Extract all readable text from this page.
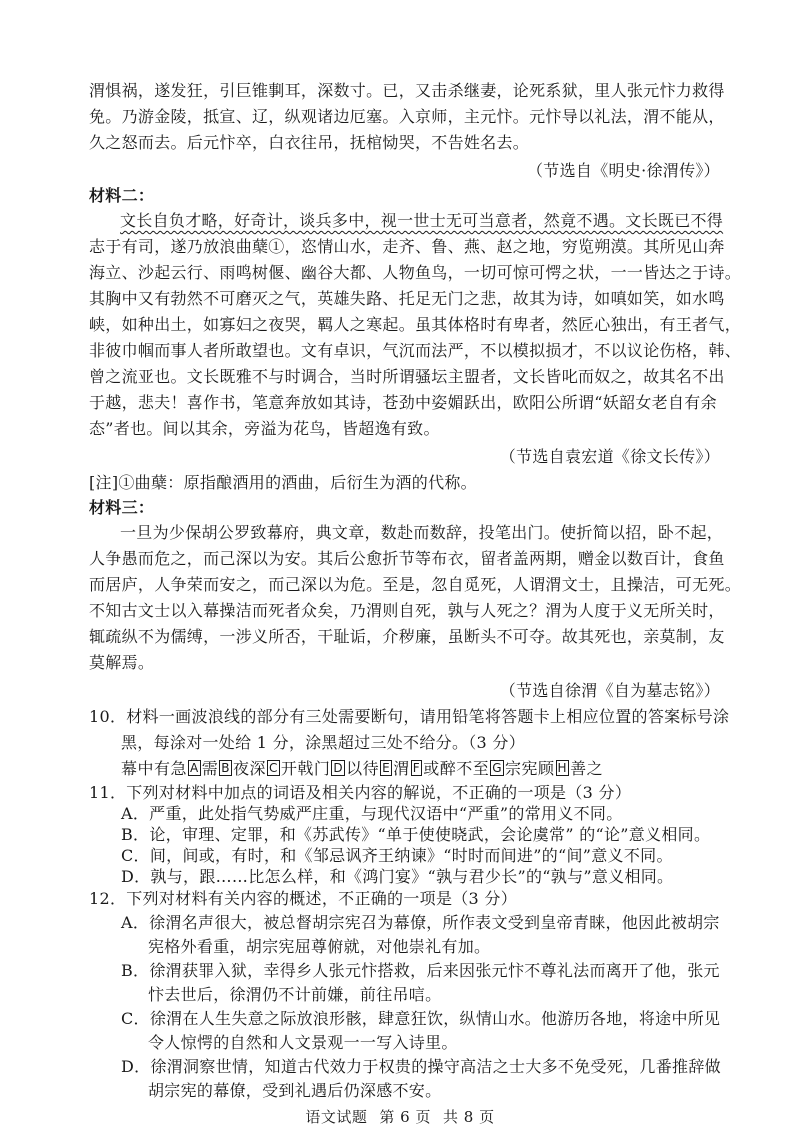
渭惧祸，遂发狂，引巨锥剚耳，深数寸。已，又击杀继妻，论死系狱，里人张元忭力救得
免。乃游金陵，抵宣、辽，纵观诸边厄塞。入京师，主元忭。元忭导以礼法，渭不能从，
久之怒而去。后元忭卒，白衣往吊，抚棺恸哭，不告姓名去。
（节选自《明史·徐渭传》）
材料二：
文长自负才略，好奇计，谈兵多中，视一世士无可当意者，然竟不遇。文长既已不得
志于有司，遂乃放浪曲蘖①，恣情山水，走齐、鲁、燕、赵之地，穷览朔漠。其所见山奔
海立、沙起云行、雨鸣树偃、幽谷大都、人物鱼鸟，一切可惊可愕之状，一一皆达之于诗。
其胸中又有勃然不可磨灭之气，英雄失路、托足无门之悲，故其为诗，如嗔如笑，如水鸣
峡，如种出土，如寡妇之夜哭，羁人之寒起。虽其体格时有卑者，然匠心独出，有王者气，
非彼巾帼而事人者所敢望也。文有卓识，气沉而法严，不以模拟损才，不以议论伤格，韩、
曾之流亚也。文长既雅不与时调合，当时所谓骚坛主盟者，文长皆叱而奴之，故其名不出
于越，悲夫！喜作书，笔意奔放如其诗，苍劲中姿媚跃出，欧阳公所谓“妖韶女老自有余
态”者也。间以其余，旁溢为花鸟，皆超逸有致。
（节选自袁宏道《徐文长传》）
[注]①曲蘖：原指酿酒用的酒曲，后衍生为酒的代称。
材料三：
一旦为少保胡公罗致幕府，典文章，数赴而数辞，投笔出门。使折简以招，卧不起，
人争愚而危之，而己深以为安。其后公愈折节等布衣，留者盖两期，赠金以数百计，食鱼
而居庐，人争荣而安之，而己深以为危。至是，忽自觅死，人谓渭文士，且操洁，可无死。
不知古文士以入幕操洁而死者众矣，乃渭则自死，孰与人死之？渭为人度于义无所关时，
辄疏纵不为儒缚，一涉义所否，干耻诟，介秽廉，虽断头不可夺。故其死也，亲莫制，友
莫解焉。
（节选自徐渭《自为墓志铭》）
10．材料一画波浪线的部分有三处需要断句，请用铅笔将答题卡上相应位置的答案标号涂
黑，每涂对一处给 1 分，涂黑超过三处不给分。（3 分）
幕中有急 A 需 B 夜深 C 开戟门 D 以待 E 渭 F 或醉不至 G 宗宪顾 H 善之
11．下列对材料中加点的词语及相关内容的解说，不正确的一项是（3 分）
A．严重，此处指气势威严庄重，与现代汉语中“严重”的常用义不同。
B．论，审理、定罪，和《苏武传》“单于使使晓武，会论虞常” 的“论”意义相同。
C．间，间或，有时，和《邹忌讽齐王纳谏》“时时而间进”的“间”意义不同。
D．孰与，跟……比怎么样，和《鸿门宴》“孰与君少长”的“孰与”意义相同。
12．下列对材料有关内容的概述，不正确的一项是（3 分）
A．徐渭名声很大，被总督胡宗宪召为幕僚，所作表文受到皇帝青睐，他因此被胡宗
宪格外看重，胡宗宪屈尊俯就，对他崇礼有加。
B．徐渭获罪入狱，幸得乡人张元忭搭救，后来因张元忭不尊礼法而离开了他，张元
忭去世后，徐渭仍不计前嫌，前往吊唁。
C．徐渭在人生失意之际放浪形骸，肆意狂饮，纵情山水。他游历各地，将途中所见
令人惊愕的自然和人文景观一一写入诗里。
语文试题 第 6 页 共 8 页
D．徐渭洞察世情，知道古代效力于权贵的操守高洁之士大多不免受死，几番推辞做
胡宗宪的幕僚，受到礼遇后仍深感不安。
